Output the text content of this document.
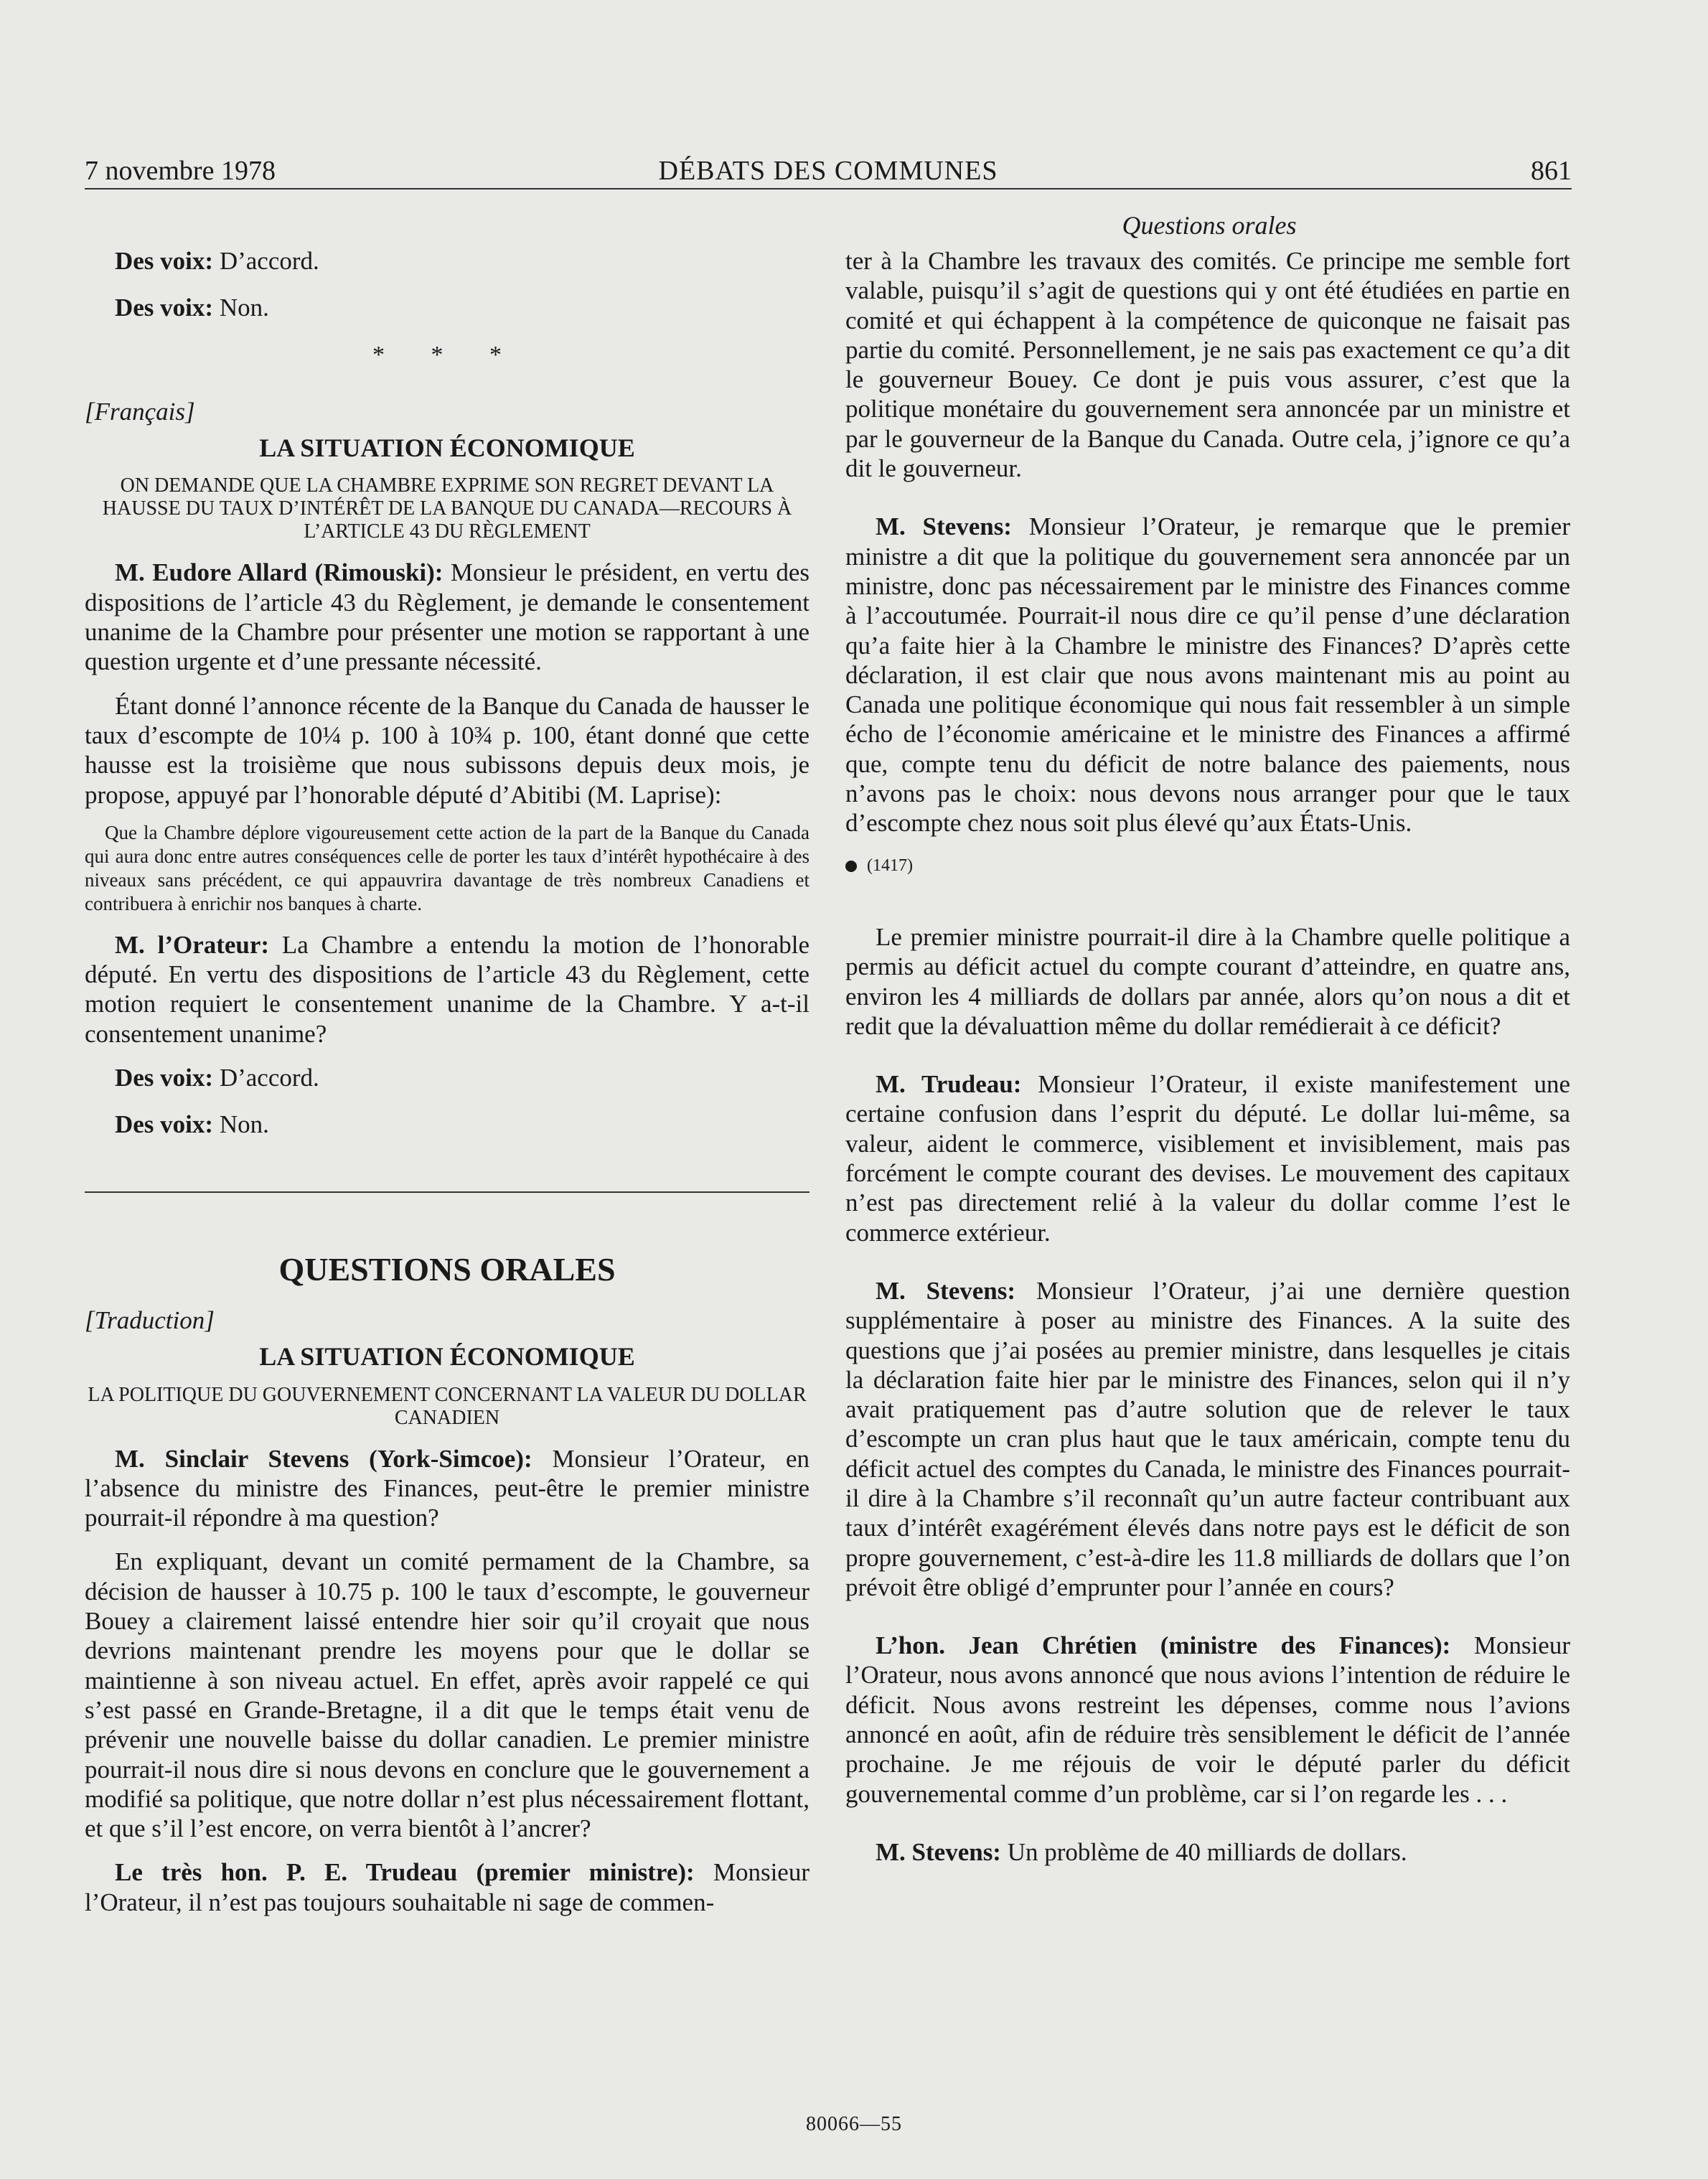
7 novembre 1978	DÉBATS DES COMMUNES	861
Questions orales

Des voix: D’accord.

Des voix: Non.

* * *

[Français]

LA SITUATION ÉCONOMIQUE

ON DEMANDE QUE LA CHAMBRE EXPRIME SON REGRET DEVANT LA HAUSSE DU TAUX D’INTÉRÊT DE LA BANQUE DU CANADA—RECOURS À L’ARTICLE 43 DU RÈGLEMENT

M. Eudore Allard (Rimouski): Monsieur le président, en vertu des dispositions de l’article 43 du Règlement, je demande le consentement unanime de la Chambre pour présenter une motion se rapportant à une question urgente et d’une pressante nécessité.

Étant donné l’annonce récente de la Banque du Canada de hausser le taux d’escompte de 10¼ p. 100 à 10¾ p. 100, étant donné que cette hausse est la troisième que nous subissons depuis deux mois, je propose, appuyé par l’honorable député d’Abitibi (M. Laprise):

Que la Chambre déplore vigoureusement cette action de la part de la Banque du Canada qui aura donc entre autres conséquences celle de porter les taux d’intérêt hypothécaire à des niveaux sans précédent, ce qui appauvrira davantage de très nombreux Canadiens et contribuera à enrichir nos banques à charte.

M. l’Orateur: La Chambre a entendu la motion de l’honorable député. En vertu des dispositions de l’article 43 du Règlement, cette motion requiert le consentement unanime de la Chambre. Y a-t-il consentement unanime?

Des voix: D’accord.

Des voix: Non.

QUESTIONS ORALES

[Traduction]

LA SITUATION ÉCONOMIQUE

LA POLITIQUE DU GOUVERNEMENT CONCERNANT LA VALEUR DU DOLLAR CANADIEN

M. Sinclair Stevens (York-Simcoe): Monsieur l’Orateur, en l’absence du ministre des Finances, peut-être le premier ministre pourrait-il répondre à ma question?

En expliquant, devant un comité permament de la Chambre, sa décision de hausser à 10.75 p. 100 le taux d’escompte, le gouverneur Bouey a clairement laissé entendre hier soir qu’il croyait que nous devrions maintenant prendre les moyens pour que le dollar se maintienne à son niveau actuel. En effet, après avoir rappelé ce qui s’est passé en Grande-Bretagne, il a dit que le temps était venu de prévenir une nouvelle baisse du dollar canadien. Le premier ministre pourrait-il nous dire si nous devons en conclure que le gouvernement a modifié sa politique, que notre dollar n’est plus nécessairement flottant, et que s’il l’est encore, on verra bientôt à l’ancrer?

Le très hon. P. E. Trudeau (premier ministre): Monsieur l’Orateur, il n’est pas toujours souhaitable ni sage de commen-

ter à la Chambre les travaux des comités. Ce principe me semble fort valable, puisqu’il s’agit de questions qui y ont été étudiées en partie en comité et qui échappent à la compétence de quiconque ne faisait pas partie du comité. Personnellement, je ne sais pas exactement ce qu’a dit le gouverneur Bouey. Ce dont je puis vous assurer, c’est que la politique monétaire du gouvernement sera annoncée par un ministre et par le gouverneur de la Banque du Canada. Outre cela, j’ignore ce qu’a dit le gouverneur.

M. Stevens: Monsieur l’Orateur, je remarque que le premier ministre a dit que la politique du gouvernement sera annoncée par un ministre, donc pas nécessairement par le ministre des Finances comme à l’accoutumée. Pourrait-il nous dire ce qu’il pense d’une déclaration qu’a faite hier à la Chambre le ministre des Finances? D’après cette déclaration, il est clair que nous avons maintenant mis au point au Canada une politique économique qui nous fait ressembler à un simple écho de l’économie américaine et le ministre des Finances a affirmé que, compte tenu du déficit de notre balance des paiements, nous n’avons pas le choix: nous devons nous arranger pour que le taux d’escompte chez nous soit plus élevé qu’aux États-Unis.

(1417)

Le premier ministre pourrait-il dire à la Chambre quelle politique a permis au déficit actuel du compte courant d’atteindre, en quatre ans, environ les 4 milliards de dollars par année, alors qu’on nous a dit et redit que la dévaluattion même du dollar remédierait à ce déficit?

M. Trudeau: Monsieur l’Orateur, il existe manifestement une certaine confusion dans l’esprit du député. Le dollar lui-même, sa valeur, aident le commerce, visiblement et invisiblement, mais pas forcément le compte courant des devises. Le mouvement des capitaux n’est pas directement relié à la valeur du dollar comme l’est le commerce extérieur.

M. Stevens: Monsieur l’Orateur, j’ai une dernière question supplémentaire à poser au ministre des Finances. A la suite des questions que j’ai posées au premier ministre, dans lesquelles je citais la déclaration faite hier par le ministre des Finances, selon qui il n’y avait pratiquement pas d’autre solution que de relever le taux d’escompte un cran plus haut que le taux américain, compte tenu du déficit actuel des comptes du Canada, le ministre des Finances pourrait-il dire à la Chambre s’il reconnaît qu’un autre facteur contribuant aux taux d’intérêt exagérément élevés dans notre pays est le déficit de son propre gouvernement, c’est-à-dire les 11.8 milliards de dollars que l’on prévoit être obligé d’emprunter pour l’année en cours?

L’hon. Jean Chrétien (ministre des Finances): Monsieur l’Orateur, nous avons annoncé que nous avions l’intention de réduire le déficit. Nous avons restreint les dépenses, comme nous l’avions annoncé en août, afin de réduire très sensiblement le déficit de l’année prochaine. Je me réjouis de voir le député parler du déficit gouvernemental comme d’un problème, car si l’on regarde les . . .

M. Stevens: Un problème de 40 milliards de dollars.

80066—55
